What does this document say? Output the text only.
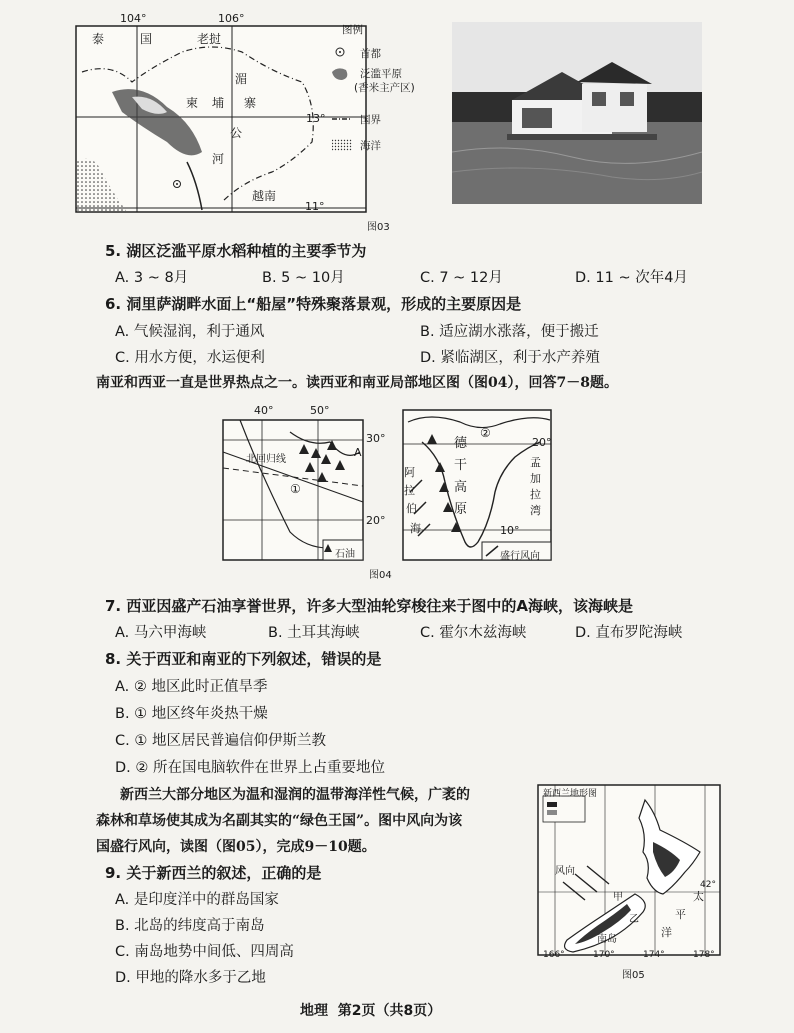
104°	106°
13°
11°
泰	国	老挝
湄
柬 埔 寨
公
河
越南
图例
首都
泛滥平原
(香米主产区)
国界
海洋
图03
5. 湖区泛滥平原水稻种植的主要季节为
A. 3 ~ 8月	B. 5 ~ 10月	C. 7 ~ 12月	D. 11 ~ 次年4月
6. 洞里萨湖畔水面上“船屋”特殊聚落景观，形成的主要原因是
A. 气候湿润，利于通风	B. 适应湖水涨落，便于搬迁
C. 用水方便，水运便利	D. 紧临湖区，利于水产养殖
南亚和西亚一直是世界热点之一。读西亚和南亚局部地区图（图04），回答7－8题。
40°	50°
30°
20°
北回归线
①
A
石油
②
20°
10°
德
干
高
原
阿
拉
伯
海
孟
加
拉
湾
盛行风向
图04
7. 西亚因盛产石油享誉世界，许多大型油轮穿梭往来于图中的A海峡，该海峡是
A. 马六甲海峡	B. 土耳其海峡	C. 霍尔木兹海峡	D. 直布罗陀海峡
8. 关于西亚和南亚的下列叙述，错误的是
A. ② 地区此时正值旱季
B. ① 地区终年炎热干燥
C. ① 地区居民普遍信仰伊斯兰教
D. ② 所在国电脑软件在世界上占重要地位
新西兰大部分地区为温和湿润的温带海洋性气候，广袤的
森林和草场使其成为名副其实的“绿色王国”。图中风向为该
国盛行风向，读图（图05），完成9－10题。
9. 关于新西兰的叙述，正确的是
A. 是印度洋中的群岛国家
B. 北岛的纬度高于南岛
C. 南岛地势中间低、四周高
D. 甲地的降水多于乙地
新西兰地形图
风向
甲
乙
南岛
太
平
洋
42°
166°	170°	174°	178°
图05
地理  第2页（共8页）
